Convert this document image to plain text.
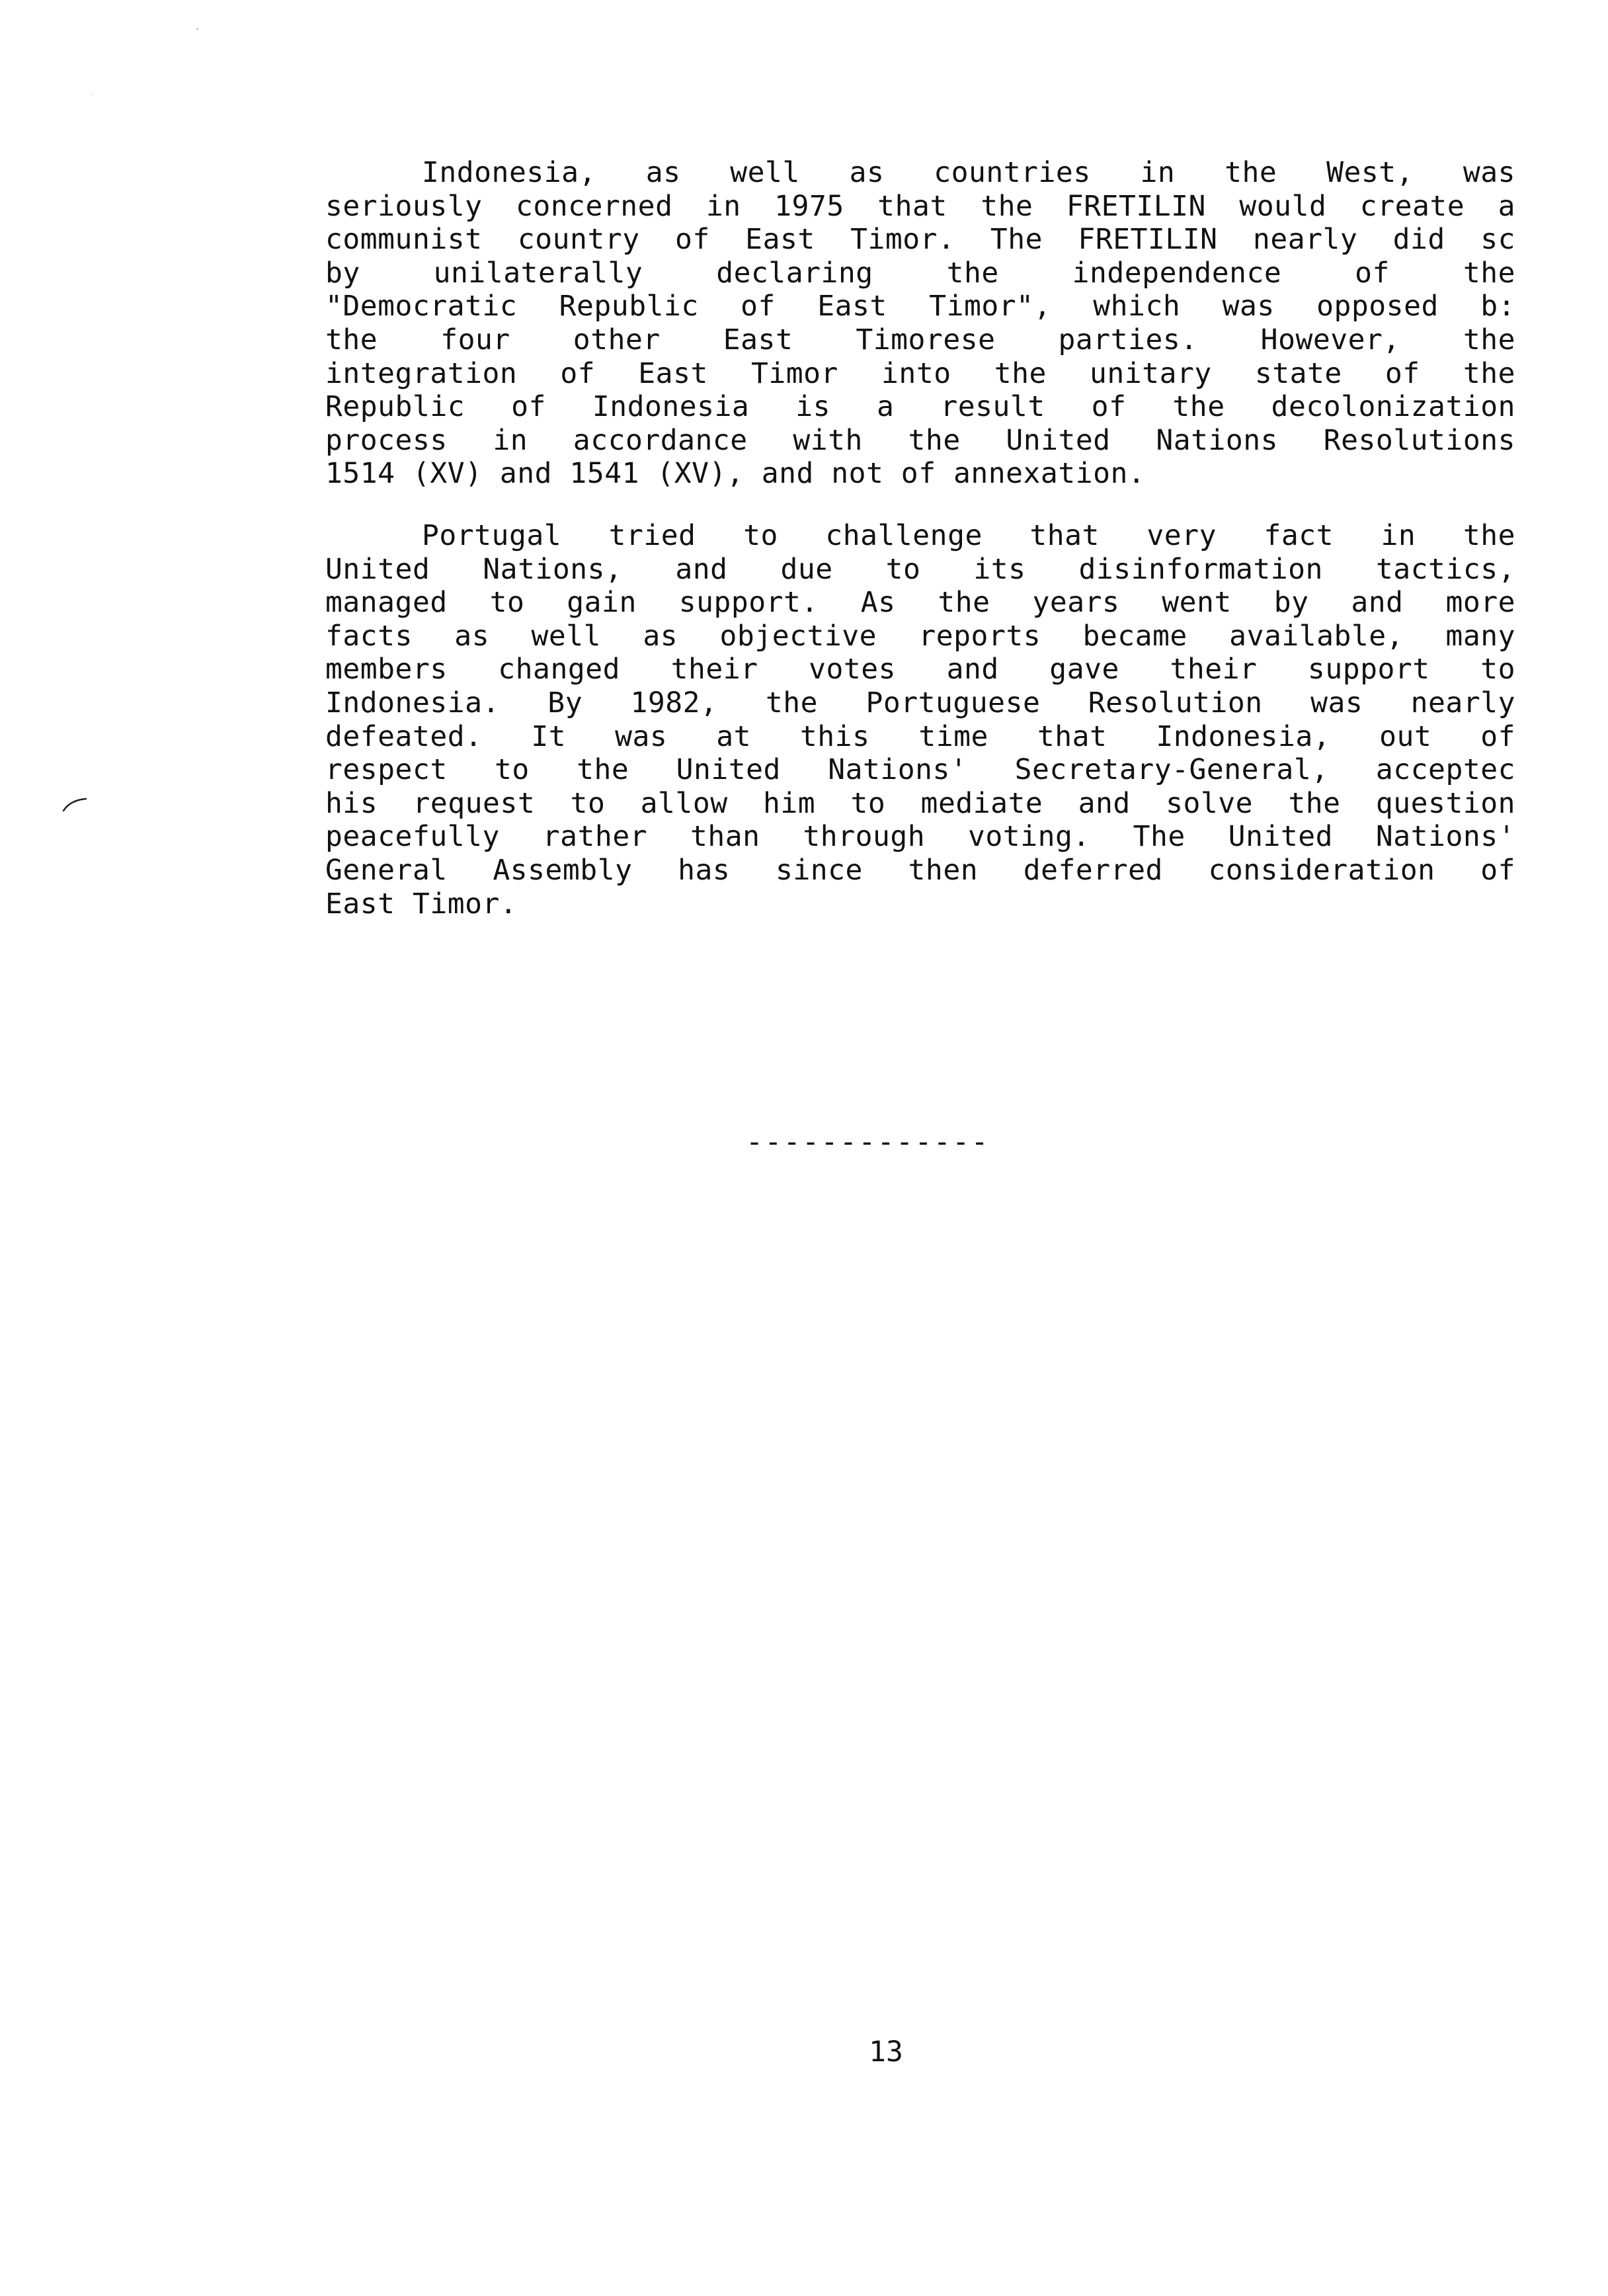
Indonesia, as well as countries in the West, was
seriously concerned in 1975 that the FRETILIN would create a
communist country of East Timor. The FRETILIN nearly did sc
by unilaterally declaring the independence of the
"Democratic Republic of East Timor", which was opposed b:
the four other East Timorese parties. However, the
integration of East Timor into the unitary state of the
Republic of Indonesia is a result of the decolonization
process in accordance with the United Nations Resolutions
1514 (XV) and 1541 (XV), and not of annexation.
Portugal tried to challenge that very fact in the
United Nations, and due to its disinformation tactics,
managed to gain support. As the years went by and more
facts as well as objective reports became available, many
members changed their votes and gave their support to
Indonesia. By 1982, the Portuguese Resolution was nearly
defeated. It was at this time that Indonesia, out of
respect to the United Nations' Secretary-General, acceptec
his request to allow him to mediate and solve the question
peacefully rather than through voting. The United Nations'
General Assembly has since then deferred consideration of
East Timor.
-------------
13
